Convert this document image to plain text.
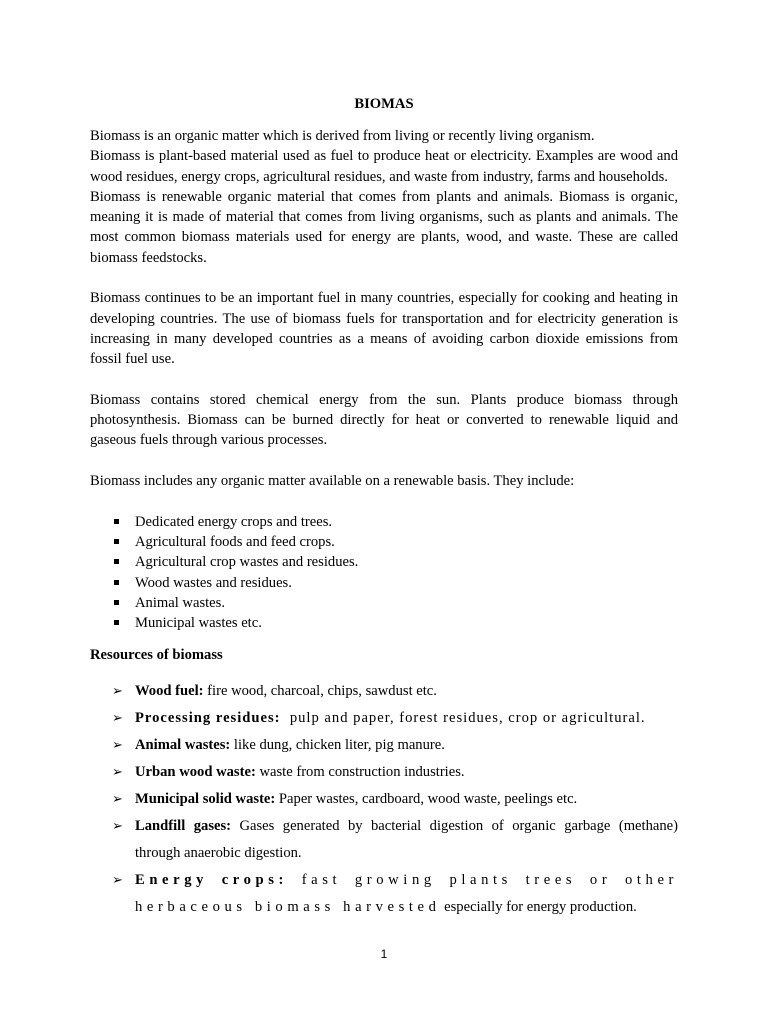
BIOMAS

Biomass is an organic matter which is derived from living or recently living organism.

Biomass is plant-based material used as fuel to produce heat or electricity. Examples are wood and wood residues, energy crops, agricultural residues, and waste from industry, farms and households.

Biomass is renewable organic material that comes from plants and animals. Biomass is organic, meaning it is made of material that comes from living organisms, such as plants and animals. The most common biomass materials used for energy are plants, wood, and waste. These are called biomass feedstocks.

Biomass continues to be an important fuel in many countries, especially for cooking and heating in developing countries. The use of biomass fuels for transportation and for electricity generation is increasing in many developed countries as a means of avoiding carbon dioxide emissions from fossil fuel use.

Biomass contains stored chemical energy from the sun. Plants produce biomass through photosynthesis. Biomass can be burned directly for heat or converted to renewable liquid and gaseous fuels through various processes.

Biomass includes any organic matter available on a renewable basis. They include:

Dedicated energy crops and trees.
Agricultural foods and feed crops.
Agricultural crop wastes and residues.
Wood wastes and residues.
Animal wastes.
Municipal wastes etc.
Resources of biomass
➢ Wood fuel: fire wood, charcoal, chips, sawdust etc.
➢ Processing residues:  pulp and paper, forest residues, crop or agricultural.
➢ Animal wastes: like dung, chicken liter, pig manure.
➢ Urban wood waste: waste from construction industries.
➢ Municipal solid waste: Paper wastes, cardboard, wood waste, peelings etc.
➢ Landfill gases: Gases generated by bacterial digestion of organic garbage (methane) through anaerobic digestion.
➢ Energy crops: fast growing plants trees or other herbaceous biomass harvested especially for energy production.
1
